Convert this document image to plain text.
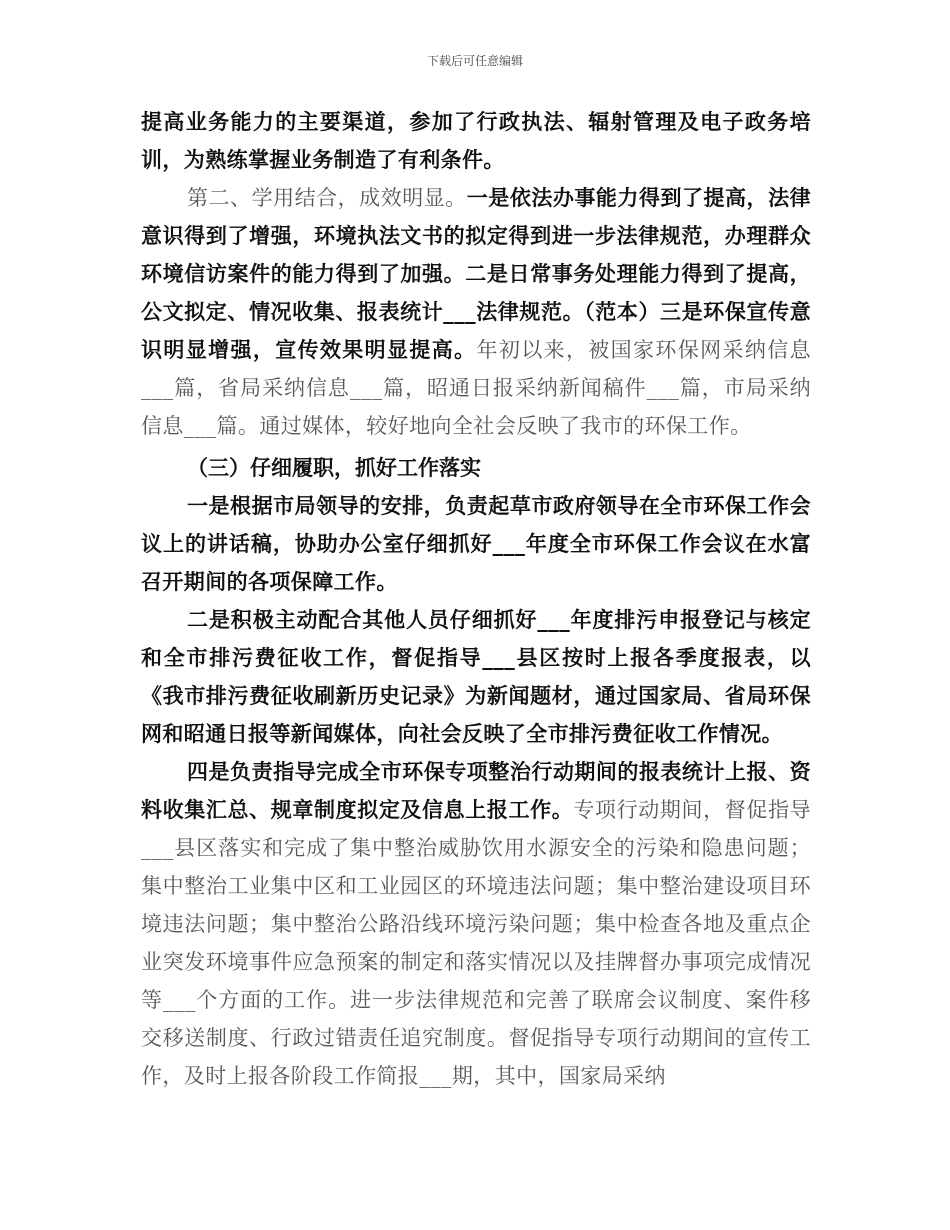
下载后可任意编辑

提高业务能力的主要渠道，参加了行政执法、辐射管理及电子政务培训，为熟练掌握业务制造了有利条件。

第二、学用结合，成效明显。一是依法办事能力得到了提高，法律意识得到了增强，环境执法文书的拟定得到进一步法律规范，办理群众环境信访案件的能力得到了加强。二是日常事务处理能力得到了提高，公文拟定、情况收集、报表统计___法律规范。（范本）三是环保宣传意识明显增强，宣传效果明显提高。年初以来，被国家环保网采纳信息___篇，省局采纳信息___篇，昭通日报采纳新闻稿件___篇，市局采纳信息___篇。通过媒体，较好地向全社会反映了我市的环保工作。

（三）仔细履职，抓好工作落实

一是根据市局领导的安排，负责起草市政府领导在全市环保工作会议上的讲话稿，协助办公室仔细抓好___年度全市环保工作会议在水富召开期间的各项保障工作。

二是积极主动配合其他人员仔细抓好___年度排污申报登记与核定和全市排污费征收工作，督促指导___县区按时上报各季度报表，以《我市排污费征收刷新历史记录》为新闻题材，通过国家局、省局环保网和昭通日报等新闻媒体，向社会反映了全市排污费征收工作情况。

四是负责指导完成全市环保专项整治行动期间的报表统计上报、资料收集汇总、规章制度拟定及信息上报工作。专项行动期间，督促指导___县区落实和完成了集中整治威胁饮用水源安全的污染和隐患问题；集中整治工业集中区和工业园区的环境违法问题；集中整治建设项目环境违法问题；集中整治公路沿线环境污染问题；集中检查各地及重点企业突发环境事件应急预案的制定和落实情况以及挂牌督办事项完成情况等___个方面的工作。进一步法律规范和完善了联席会议制度、案件移交移送制度、行政过错责任追究制度。督促指导专项行动期间的宣传工作，及时上报各阶段工作简报___期，其中，国家局采纳
